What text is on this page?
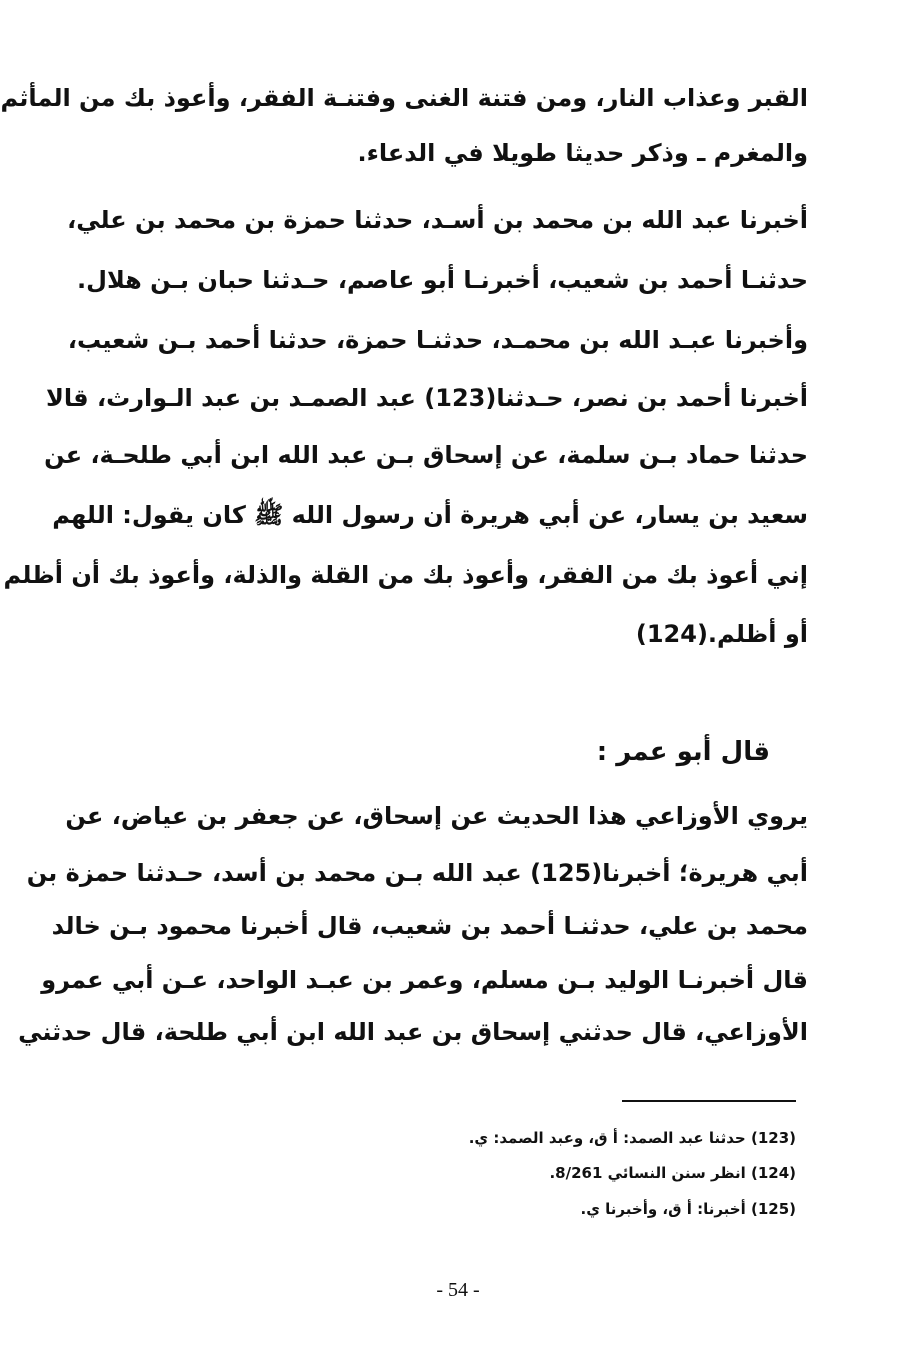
القبر وعذاب النار، ومن فتنة الغنى وفتنـة الفقر، وأعوذ بك من المأثم
والمغرم ـ وذكر حديثا طويلا في الدعاء.
أخبرنا عبد الله بن محمد بن أسـد، حدثنا حمزة بن محمد بن علي،
حدثنـا أحمد بن شعيب، أخبرنـا أبو عاصم، حـدثنا حبان بـن هلال.
وأخبرنا عبـد الله بن محمـد، حدثنـا حمزة، حدثنا أحمد بـن شعيب،
أخبرنا أحمد بن نصر، حـدثنا(123) عبد الصمـد بن عبد الـوارث، قالا
حدثنا حماد بـن سلمة، عن إسحاق بـن عبد الله ابن أبي طلحـة، عن
سعيد بن يسار، عن أبي هريرة أن رسول الله ﷺ كان يقول: اللهم
إني أعوذ بك من الفقر، وأعوذ بك من القلة والذلة، وأعوذ بك أن أظلم
أو أظلم.(124)
قال أبو عمر :
يروي الأوزاعي هذا الحديث عن إسحاق، عن جعفر بن عياض، عن
أبي هريرة؛ أخبرنا(125) عبد الله بـن محمد بن أسد، حـدثنا حمزة بن
محمد بن علي، حدثنـا أحمد بن شعيب، قال أخبرنا محمود بـن خالد
قال أخبرنـا الوليد بـن مسلم، وعمر بن عبـد الواحد، عـن أبي عمرو
الأوزاعي، قال حدثني إسحاق بن عبد الله ابن أبي طلحة، قال حدثني
(123) حدثنا عبد الصمد: أ ق، وعبد الصمد: ي.
(124) انظر سنن النسائي 8/261.
(125) أخبرنا: أ ق، وأخبرنا ي.
- 54 -
